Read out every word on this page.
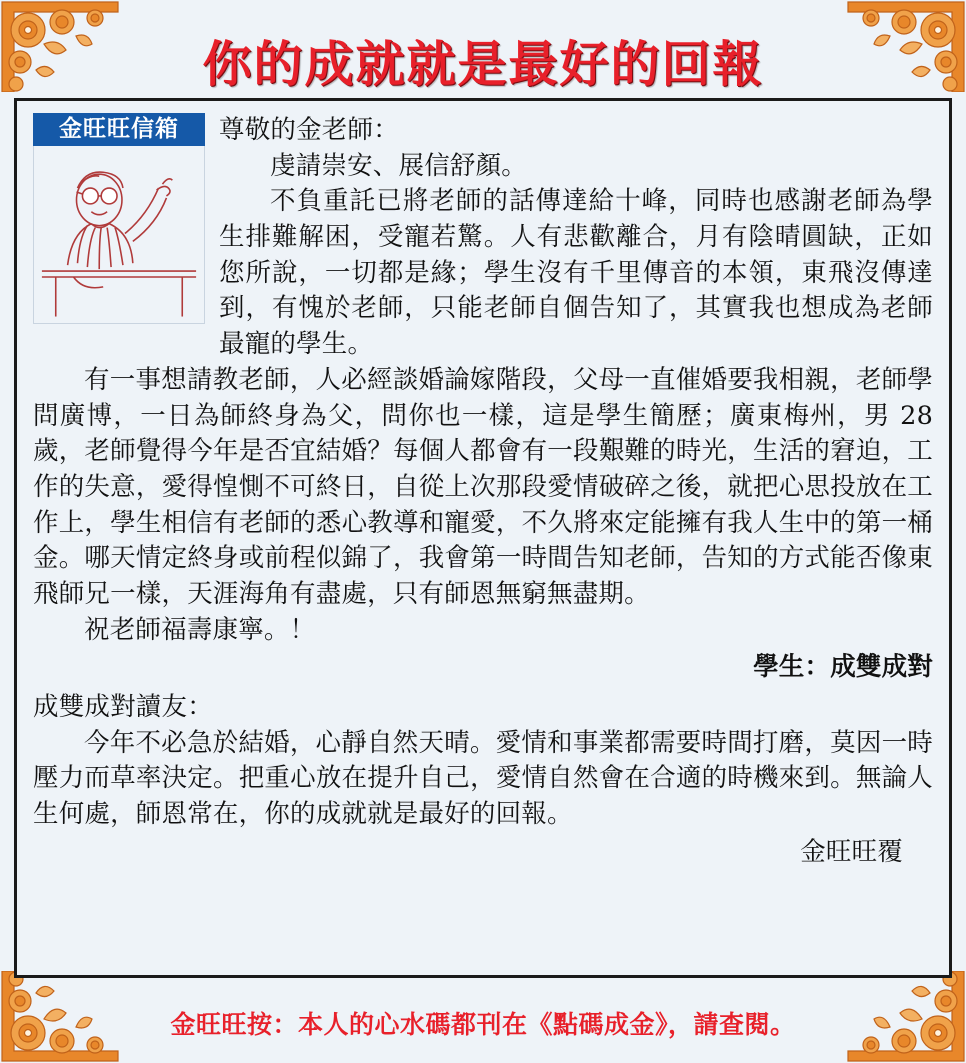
你的成就就是最好的回報
金旺旺信箱	尊敬的金老師：

虔請崇安、展信舒顏。

不負重託已將老師的話傳達給十峰，同時也感謝老師為學生排難解困，受寵若驚。人有悲歡離合，月有陰晴圓缺，正如您所說，一切都是緣；學生沒有千里傳音的本領，東飛沒傳達到，有愧於老師，只能老師自個告知了，其實我也想成為老師最寵的學生。

有一事想請教老師，人必經談婚論嫁階段，父母一直催婚要我相親，老師學問廣博，一日為師終身為父，問你也一樣，這是學生簡歷；廣東梅州，男 28 歲，老師覺得今年是否宜結婚？每個人都會有一段艱難的時光，生活的窘迫，工作的失意，愛得惶惻不可終日，自從上次那段愛情破碎之後，就把心思投放在工作上，學生相信有老師的悉心教導和寵愛，不久將來定能擁有我人生中的第一桶金。哪天情定終身或前程似錦了，我會第一時間告知老師，告知的方式能否像東飛師兄一樣，天涯海角有盡處，只有師恩無窮無盡期。

祝老師福壽康寧。！

學生：成雙成對

成雙成對讀友：

今年不必急於結婚，心靜自然天晴。愛情和事業都需要時間打磨，莫因一時壓力而草率決定。把重心放在提升自己，愛情自然會在合適的時機來到。無論人生何處，師恩常在，你的成就就是最好的回報。

金旺旺覆

金旺旺按：本人的心水碼都刊在《點碼成金》，請查閱。
